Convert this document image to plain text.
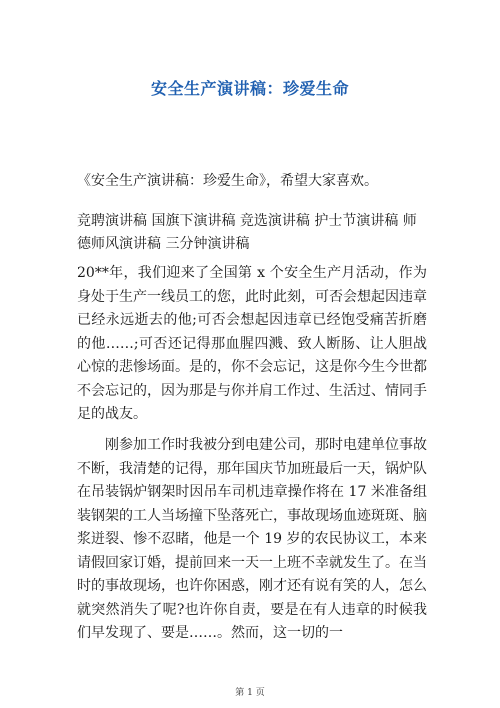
安全生产演讲稿：珍爱生命
《安全生产演讲稿：珍爱生命》，希望大家喜欢。
竞聘演讲稿 国旗下演讲稿 竞选演讲稿 护士节演讲稿 师德师风演讲稿 三分钟演讲稿
20**年，我们迎来了全国第 x 个安全生产月活动，作为身处于生产一线员工的您，此时此刻，可否会想起因违章已经永远逝去的他;可否会想起因违章已经饱受痛苦折磨的他……;可否还记得那血腥四溅、致人断肠、让人胆战心惊的悲惨场面。是的，你不会忘记，这是你今生今世都不会忘记的，因为那是与你并肩工作过、生活过、情同手足的战友。
刚参加工作时我被分到电建公司，那时电建单位事故不断，我清楚的记得，那年国庆节加班最后一天，锅炉队在吊装锅炉钢架时因吊车司机违章操作将在 17 米准备组装钢架的工人当场撞下坠落死亡，事故现场血迹斑斑、脑浆迸裂、惨不忍睹，他是一个 19 岁的农民协议工，本来请假回家订婚，提前回来一天一上班不幸就发生了。在当时的事故现场，也许你困惑，刚才还有说有笑的人，怎么就突然消失了呢?也许你自责，要是在有人违章的时候我们早发现了、要是……。然而，这一切的一
第 1 页
